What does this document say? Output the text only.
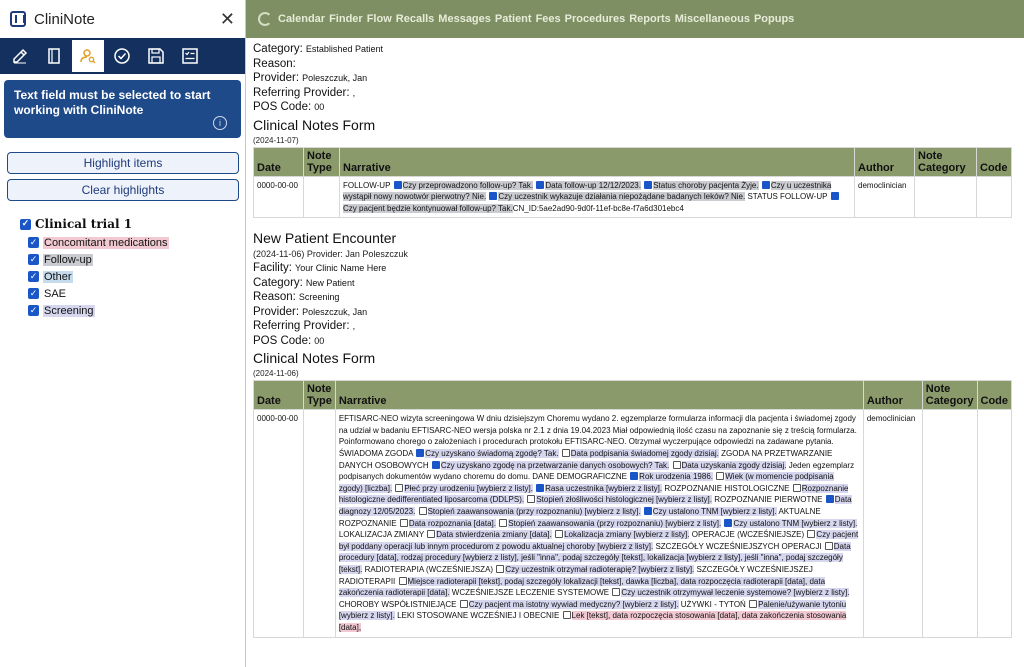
CliniNote	✕
Text field must be selected to start working with CliniNote
i
Highlight items
Clear highlights
✓
Clinical trial 1
✓
Concomitant medications
✓
Follow-up
✓
Other
✓
SAE
✓
Screening
Calendar Finder Flow Recalls Messages Patient Fees Procedures Reports Miscellaneous Popups
Category: Established Patient
Reason:
Provider: Poleszczuk, Jan
Referring Provider: ,
POS Code: 00
Clinical Notes Form
(2024-11-07)
Date	Note Type	Narrative	Author	Note Category	Code
0000-00-00		FOLLOW-UP Czy przeprowadzono follow-up? Tak. Data follow-up 12/12/2023. Status choroby pacjenta Żyje. Czy u uczestnika wystąpił nowy nowotwór pierwotny? Nie. Czy uczestnik wykazuje działania niepożądane badanych leków? Nie. STATUS FOLLOW-UP Czy pacjent będzie kontynuował follow-up? Tak.CN_ID:5ae2ad90-9d0f-11ef-bc8e-f7a6d301ebc4	democlinician		
New Patient Encounter
(2024-11-06) Provider: Jan Poleszczuk
Facility: Your Clinic Name Here
Category: New Patient
Reason: Screening
Provider: Poleszczuk, Jan
Referring Provider: ,
POS Code: 00
Clinical Notes Form
(2024-11-06)
Date	Note Type	Narrative	Author	Note Category	Code
0000-00-00		EFTISARC-NEO wizyta screeningowa W dniu dzisiejszym Choremu wydano 2. egzemplarze formularza informacji dla pacjenta i świadomej zgody na udział w badaniu EFTISARC-NEO wersja polska nr 2.1 z dnia 19.04.2023 Miał odpowiednią ilość czasu na zapoznanie się z treścią formularza. Poinformowano chorego o założeniach i procedurach protokołu EFTISARC-NEO. Otrzymał wyczerpujące odpowiedzi na zadawane pytania. ŚWIADOMA ZGODA Czy uzyskano świadomą zgodę? Tak. Data podpisania świadomej zgody dzisiaj. ZGODA NA PRZETWARZANIE DANYCH OSOBOWYCH Czy uzyskano zgodę na przetwarzanie danych osobowych? Tak. Data uzyskania zgody dzisiaj. Jeden egzemplarz podpisanych dokumentów wydano choremu do domu. DANE DEMOGRAFICZNE Rok urodzenia 1986. Wiek (w momencie podpisania zgody) [liczba]. Płeć przy urodzeniu [wybierz z listy]. Rasa uczestnika [wybierz z listy]. ROZPOZNANIE HISTOLOGICZNE Rozpoznanie histologiczne dedifferentiated liposarcoma (DDLPS). Stopień złośliwości histologicznej [wybierz z listy]. ROZPOZNANIE PIERWOTNE Data diagnozy 12/05/2023. Stopień zaawansowania (przy rozpoznaniu) [wybierz z listy]. Czy ustalono TNM [wybierz z listy]. AKTUALNE ROZPOZNANIE Data rozpoznania [data]. Stopień zaawansowania (przy rozpoznaniu) [wybierz z listy]. Czy ustalono TNM [wybierz z listy]. LOKALIZACJA ZMIANY Data stwierdzenia zmiany [data]. Lokalizacja zmiany [wybierz z listy]. OPERACJE (WCZEŚNIEJSZE) Czy pacjent był poddany operacji lub innym procedurom z powodu aktualnej choroby [wybierz z listy]. SZCZEGÓŁY WCZEŚNIEJSZYCH OPERACJI Data procedury [data], rodzaj procedury [wybierz z listy], jeśli "inna", podaj szczegóły [tekst], lokalizacja [wybierz z listy], jeśli "inna", podaj szczegóły [tekst]. RADIOTERAPIA (WCZEŚNIEJSZA) Czy uczestnik otrzymał radioterapię? [wybierz z listy]. SZCZEGÓŁY WCZEŚNIEJSZEJ RADIOTERAPII Miejsce radioterapii [tekst], podaj szczegóły lokalizacji [tekst], dawka [liczba], data rozpoczęcia radioterapii [data], data zakończenia radioterapii [data]. WCZEŚNIEJSZE LECZENIE SYSTEMOWE Czy uczestnik otrzymywał leczenie systemowe? [wybierz z listy]. CHOROBY WSPÓŁISTNIEJĄCE Czy pacjent ma istotny wywiad medyczny? [wybierz z listy]. UŻYWKI - TYTOŃ Palenie/używanie tytoniu [wybierz z listy]. LEKI STOSOWANE WCZEŚNIEJ I OBECNIE Lek [tekst], data rozpoczęcia stosowania [data], data zakończenia stosowania [data],	democlinician		
